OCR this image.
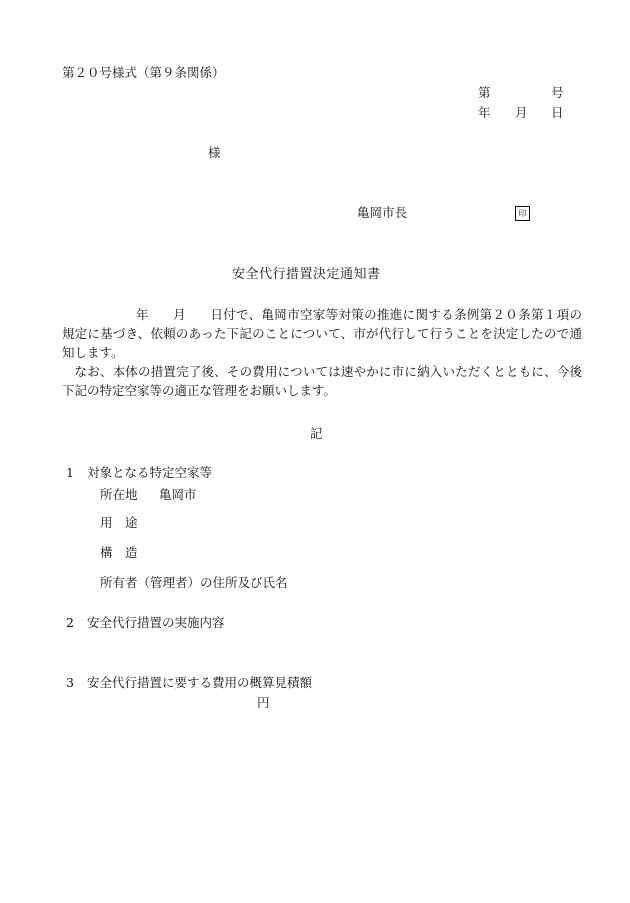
第２０号様式（第９条関係）
第	号
年 月 日
様
亀岡市長	印
安全代行措置決定通知書
年 月 日付で、亀岡市空家等対策の推進に関する条例第２０条第１項の規定に基づき、依頼のあった下記のことについて、市が代行して行うことを決定したので通知します。
なお、本体の措置完了後、その費用については速やかに市に納入いただくとともに、今後下記の特定空家等の適正な管理をお願いします。
記
1 対象となる特定空家等
所在地 亀岡市
用　途
構　造
所有者（管理者）の住所及び氏名
2 安全代行措置の実施内容
3 安全代行措置に要する費用の概算見積額
円
